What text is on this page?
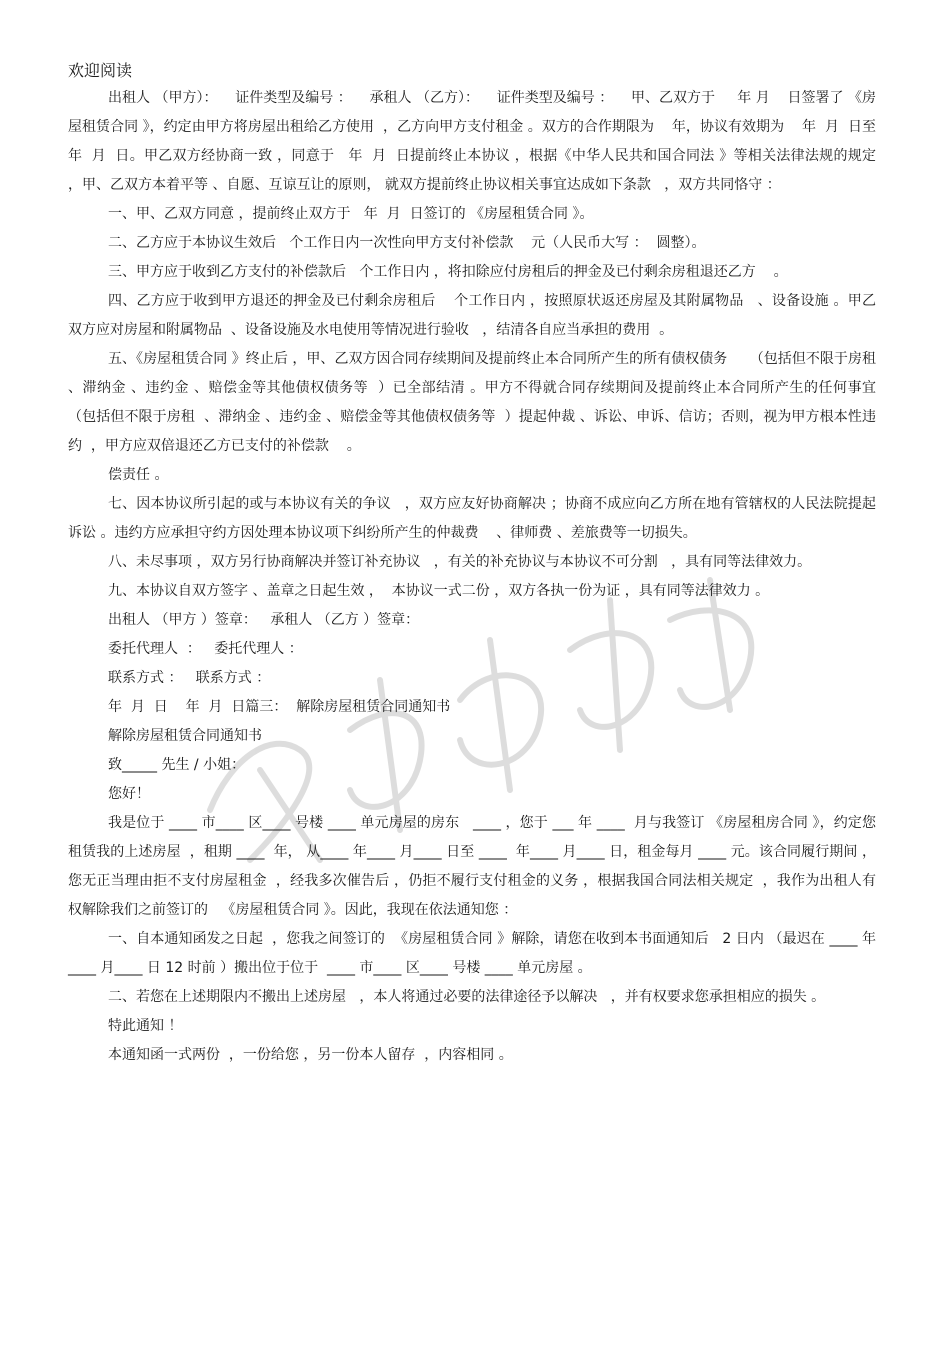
欢迎阅读

出租人 （甲方）：    证件类型及编号 ：    承租人 （乙方）：    证件类型及编号 ：    甲、乙双方于     年 月    日签署了 《房屋租赁合同 》，约定由甲方将房屋出租给乙方使用  ，乙方向甲方支付租金 。双方的合作期限为    年，协议有效期为    年  月  日至   年  月  日。甲乙双方经协商一致 ，同意于   年  月  日提前终止本协议 ，根据《中华人民共和国合同法 》等相关法律法规的规定 ，甲、乙双方本着平等 、自愿、互谅互让的原则， 就双方提前终止协议相关事宜达成如下条款   ，双方共同恪守 ：

一、甲、乙双方同意 ，提前终止双方于   年  月  日签订的 《房屋租赁合同 》。

二、乙方应于本协议生效后   个工作日内一次性向甲方支付补偿款    元（人民币大写 ：  圆整）。

三、甲方应于收到乙方支付的补偿款后   个工作日内 ，将扣除应付房租后的押金及已付剩余房租退还乙方    。

四、乙方应于收到甲方退还的押金及已付剩余房租后    个工作日内 ，按照原状返还房屋及其附属物品   、设备设施 。甲乙双方应对房屋和附属物品  、设备设施及水电使用等情况进行验收   ，结清各自应当承担的费用  。

五、《房屋租赁合同 》终止后 ，甲、乙双方因合同存续期间及提前终止本合同所产生的所有债权债务     （包括但不限于房租 、滞纳金 、违约金 、赔偿金等其他债权债务等  ）已全部结清 。甲方不得就合同存续期间及提前终止本合同所产生的任何事宜   （包括但不限于房租  、滞纳金 、违约金 、赔偿金等其他债权债务等  ）提起仲裁 、诉讼、申诉、信访；否则，视为甲方根本性违约  ，甲方应双倍退还乙方已支付的补偿款    。

偿责任 。

七、因本协议所引起的或与本协议有关的争议   ，双方应友好协商解决 ；协商不成应向乙方所在地有管辖权的人民法院提起诉讼 。违约方应承担守约方因处理本协议项下纠纷所产生的仲裁费    、律师费 、差旅费等一切损失。

八、未尽事项 ，双方另行协商解决并签订补充协议   ，有关的补充协议与本协议不可分割   ，具有同等法律效力。

九、本协议自双方签字 、盖章之日起生效 ，  本协议一式二份 ，双方各执一份为证 ，具有同等法律效力 。

出租人 （甲方 ）签章：   承租人 （乙方 ）签章：

委托代理人  ：   委托代理人 ：

联系方式 ：   联系方式 ：

年  月  日    年  月  日篇三：  解除房屋租赁合同通知书

解除房屋租赁合同通知书

致_____ 先生 / 小姐：

您好！

我是位于 ____ 市____ 区____ 号楼 ____ 单元房屋的房东   ____ ，您于 ___ 年 ____  月与我签订 《房屋租房合同 》，约定您租赁我的上述房屋  ，租期 ____  年， 从____ 年____ 月____ 日至 ____  年____ 月____ 日，租金每月 ____ 元。该合同履行期间 ，您无正当理由拒不支付房屋租金  ，经我多次催告后 ，仍拒不履行支付租金的义务 ，根据我国合同法相关规定  ，我作为出租人有权解除我们之前签订的   《房屋租赁合同 》。因此，我现在依法通知您 ：

一、自本通知函发之日起  ，您我之间签订的  《房屋租赁合同 》解除，请您在收到本书面通知后   2 日内 （最迟在 ____ 年____ 月____ 日 12 时前 ）搬出位于位于  ____ 市____ 区____ 号楼 ____ 单元房屋 。

二、若您在上述期限内不搬出上述房屋   ，本人将通过必要的法律途径予以解决   ，并有权要求您承担相应的损失 。

特此通知 ！

本通知函一式两份  ，一份给您 ，另一份本人留存  ，内容相同 。
